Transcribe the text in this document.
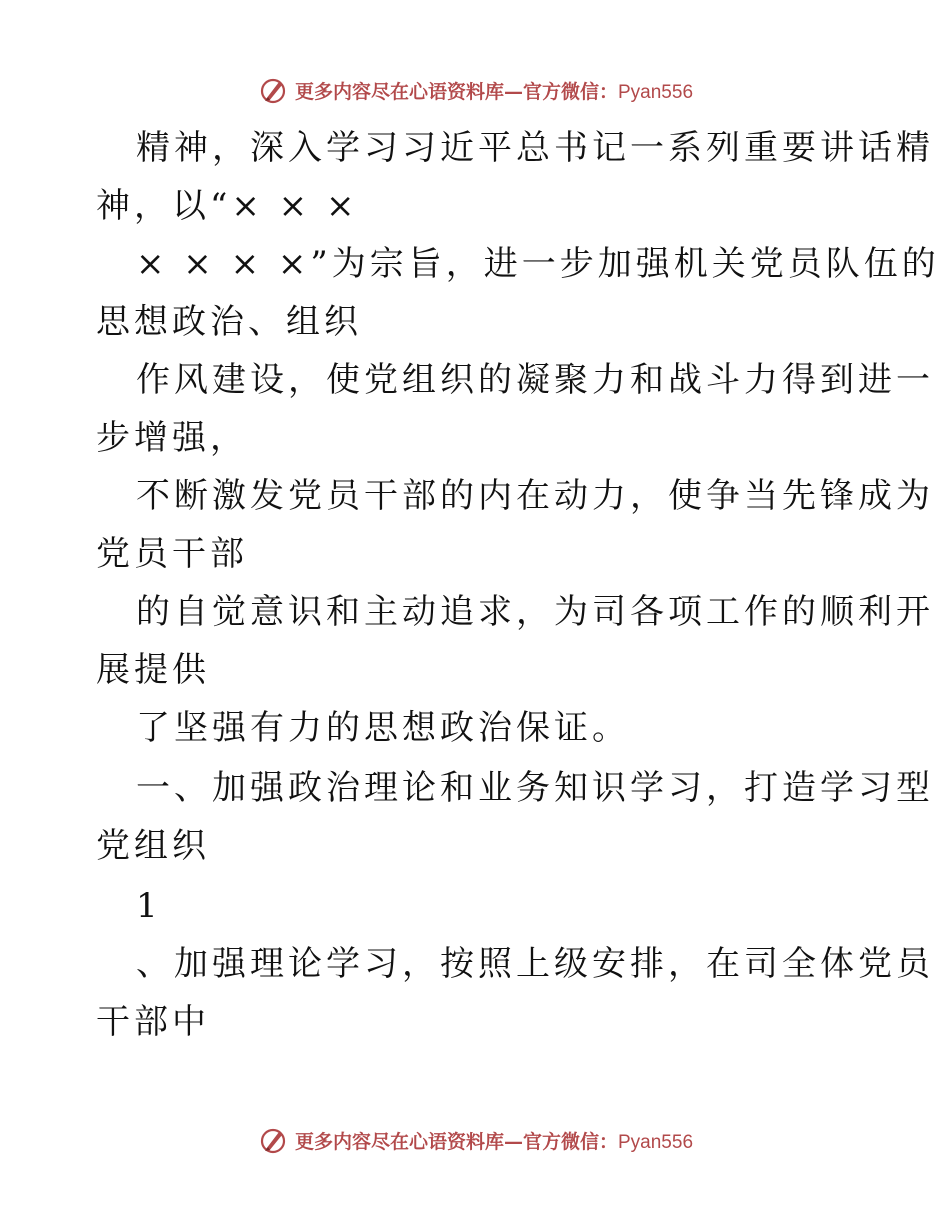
更多内容尽在心语资料库—官方微信：Pyan556
精神，深入学习习近平总书记一系列重要讲话精
神，以“× × ×
× × × ×”为宗旨，进一步加强机关党员队伍的
思想政治、组织
作风建设，使党组织的凝聚力和战斗力得到进一
步增强，
不断激发党员干部的内在动力，使争当先锋成为
党员干部
的自觉意识和主动追求，为司各项工作的顺利开
展提供
了坚强有力的思想政治保证。
一、加强政治理论和业务知识学习，打造学习型
党组织
1
、加强理论学习，按照上级安排，在司全体党员
干部中
更多内容尽在心语资料库—官方微信：Pyan556
